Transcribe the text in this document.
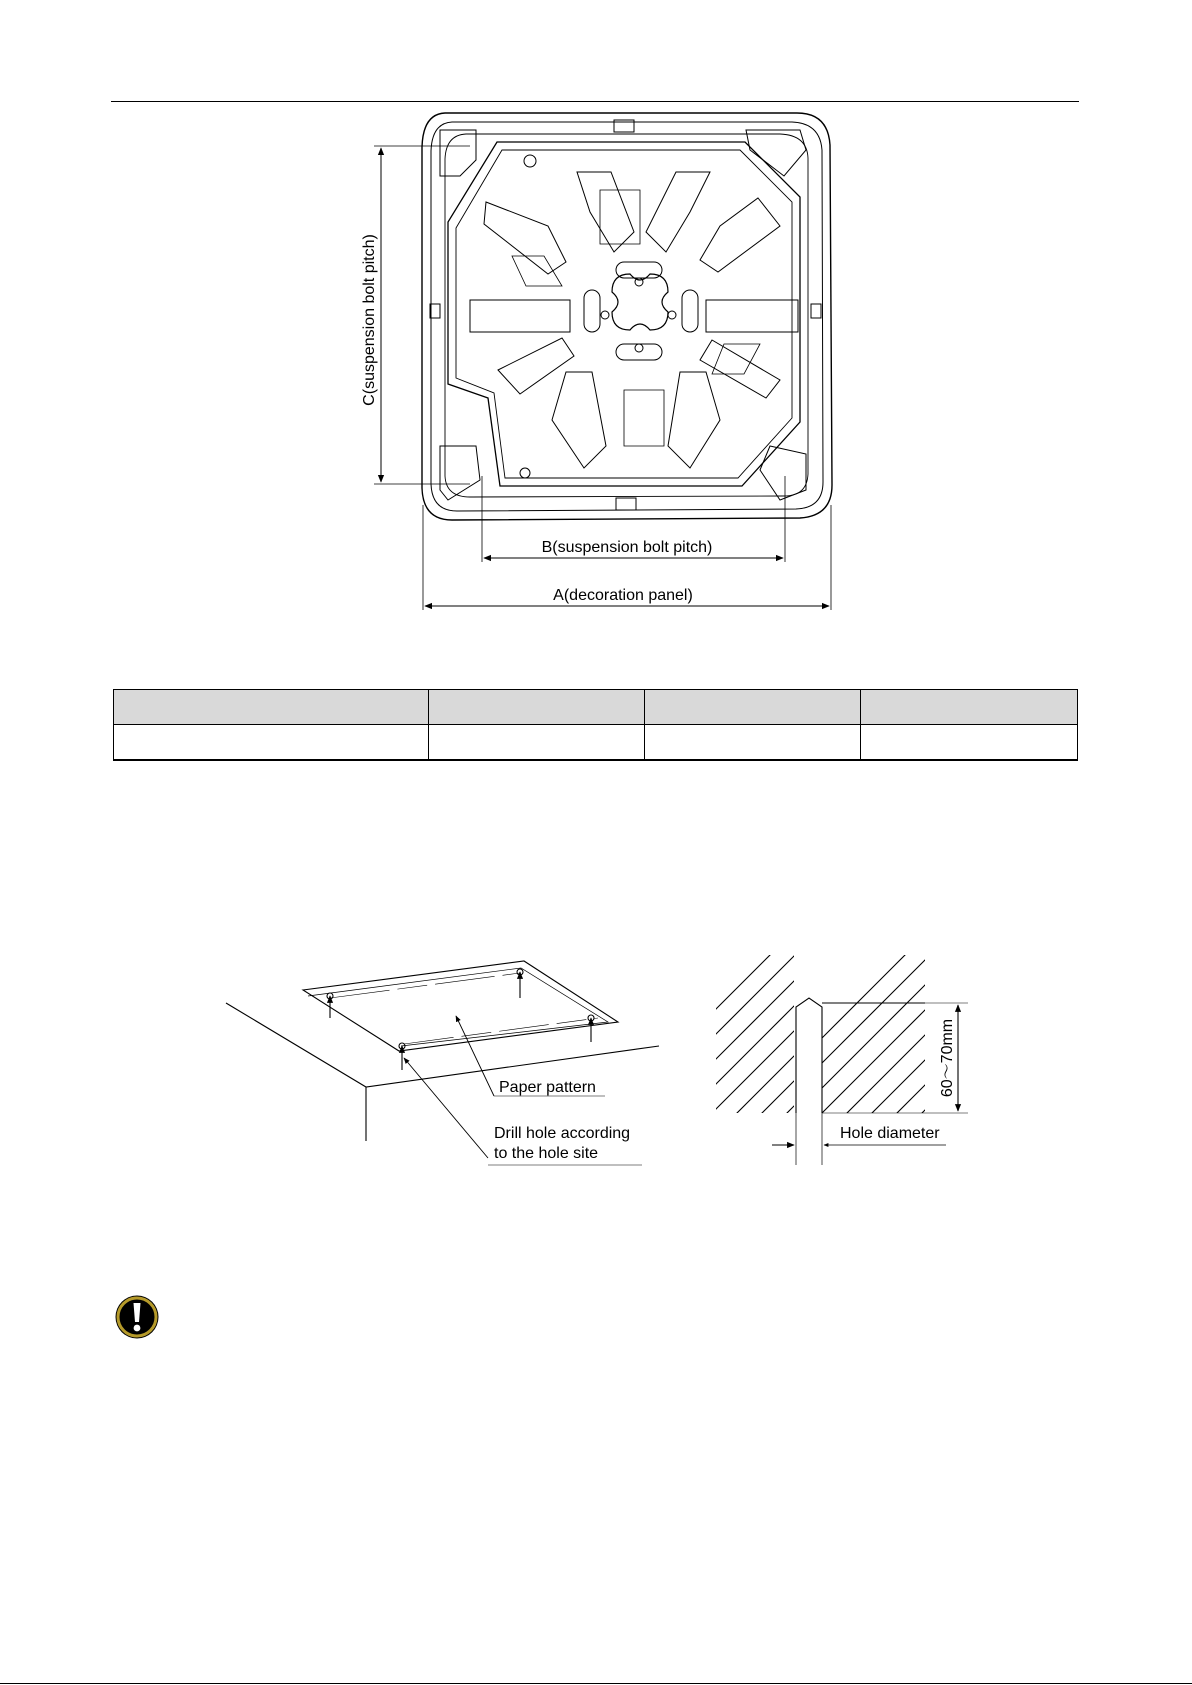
C(suspension bolt pitch)
B(suspension bolt pitch)
A(decoration panel)

Paper pattern
Drill hole according
to the hole site
60～70mm
Hole diameter
